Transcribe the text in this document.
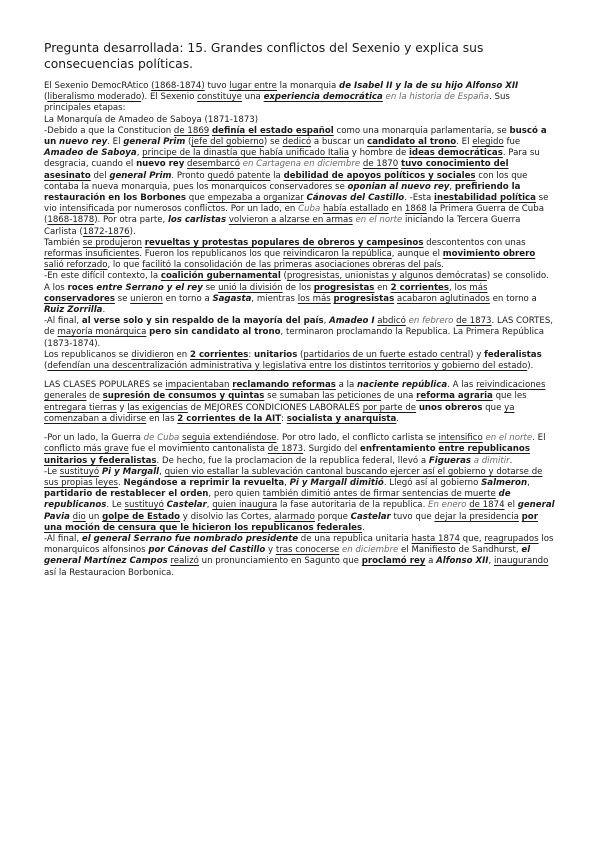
Pregunta desarrollada: 15. Grandes conflictos del Sexenio y explica sus consecuencias políticas.

El Sexenio DemocRAtico (1868-1874) tuvo lugar entre la monarquia de Isabel II y la de su hijo Alfonso XII (liberalismo moderado). El Sexenio constituye una experiencia democrática en la historia de España. Sus principales etapas:
La Monarquía de Amadeo de Saboya (1871-1873)
-Debido a que la Constitucion de 1869 definía el estado español como una monarquia parlamentaria, se buscó a un nuevo rey. El general Prim (jefe del gobierno) se dedicó a buscar un candidato al trono. El elegido fue Amadeo de Saboya, principe de la dinastía que había unificado Italia y hombre de ideas democráticas. Para su desgracia, cuando el nuevo rey desembarcó en Cartagena en diciembre de 1870 tuvo conocimiento del asesinato del general Prim. Pronto quedó patente la debilidad de apoyos políticos y sociales con los que contaba la nueva monarquia, pues los monarquicos conservadores se oponian al nuevo rey, prefiriendo la restauración en los Borbones que empezaba a organizar Cánovas del Castillo. -Esta inestabilidad política se vio intensificada por numerosos conflictos. Por un lado, en Cuba había estallado en 1868 la Primera Guerra de Cuba (1868-1878). Por otra parte, los carlistas volvieron a alzarse en armas en el norte iniciando la Tercera Guerra Carlista (1872-1876).
También se produjeron revueltas y protestas populares de obreros y campesinos descontentos con unas reformas insuficientes. Fueron los republicanos los que reivindicaron la república, aunque el movimiento obrero salió reforzado, lo que facilitó la consolidación de las primeras asociaciones obreras del país.
-En este difícil contexto, la coalición gubernamental (progresistas, unionistas y algunos demócratas) se consolido. A los roces entre Serrano y el rey se unió la división de los progresistas en 2 corrientes, los más conservadores se unieron en torno a Sagasta, mientras los más progresistas acabaron aglutinados en torno a Ruiz Zorrilla.
-Al final, al verse solo y sin respaldo de la mayoría del país, Amadeo I abdicó en febrero de 1873. LAS CORTES, de mayoría monárquica pero sin candidato al trono, terminaron proclamando la Republica. La Primera República (1873-1874).
Los republicanos se dividieron en 2 corrientes: unitarios (partidarios de un fuerte estado central) y federalistas (defendían una descentralización administrativa y legislativa entre los distintos territorios y gobierno del estado).

LAS CLASES POPULARES se impacientaban reclamando reformas a la naciente república. A las reivindicaciones generales de supresión de consumos y quintas se sumaban las peticiones de una reforma agraria que les entregara tierras y las exigencias de MEJORES CONDICIONES LABORALES por parte de unos obreros que ya comenzaban a dividirse en las 2 corrientes de la AIT: socialista y anarquista.

-Por un lado, la Guerra de Cuba seguia extendiéndose. Por otro lado, el conflicto carlista se intensifico en el norte. El conflicto más grave fue el movimiento cantonalista de 1873. Surgido del enfrentamiento entre republicanos unitarios y federalistas. De hecho, fue la proclamacion de la republica federal, llevó a Figueras a dimitir.
-Le sustituyó Pi y Margall, quien vio estallar la sublevación cantonal buscando ejercer así el gobierno y dotarse de sus propias leyes. Negándose a reprimir la revuelta, Pi y Margall dimitió. Llegó así al gobierno Salmeron, partidario de restablecer el orden, pero quien también dimitió antes de firmar sentencias de muerte de republicanos. Le sustituyó Castelar, quien inaugura la fase autoritaria de la republica. En enero de 1874 el general Pavia dio un golpe de Estado y disolvio las Cortes, alarmado porque Castelar tuvo que dejar la presidencia por una moción de censura que le hicieron los republicanos federales.
-Al final, el general Serrano fue nombrado presidente de una republica unitaria hasta 1874 que, reagrupados los monarquicos alfonsinos por Cánovas del Castillo y tras conocerse en diciembre el Manifiesto de Sandhurst, el general Martínez Campos realizó un pronunciamiento en Sagunto que proclamó rey a Alfonso XII, inaugurando así la Restauracion Borbonica.
